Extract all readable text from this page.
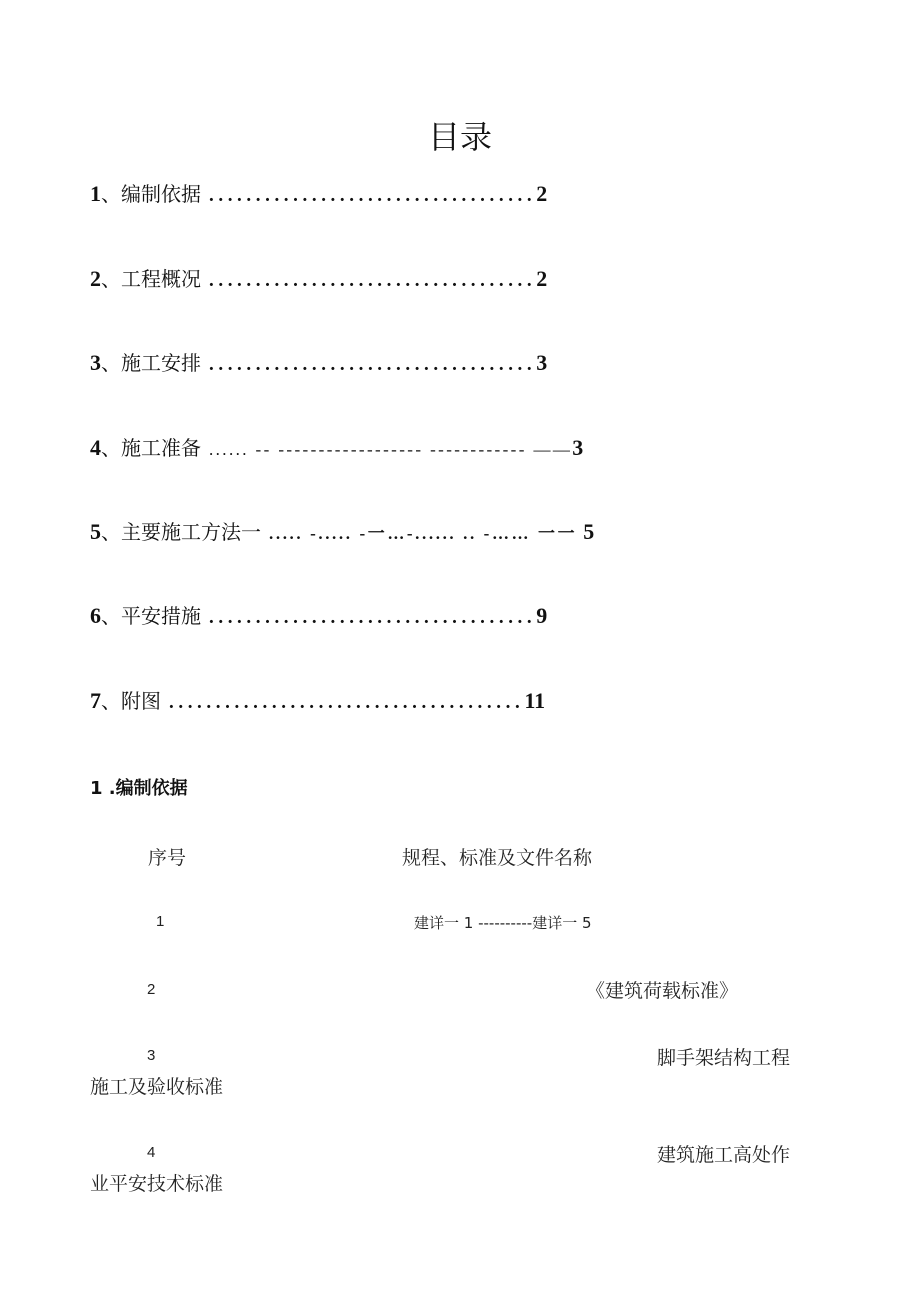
目录
1 、 编制依据 ................................... 2
2 、 工程概况 ................................... 2
3 、 施工安排 ................................... 3
4 、 施工准备 ...... -- ------------------ ------------ —— 3
5 、 主要施工方法一 ..... -..... -一…-...... .. -…… 一一 5
6 、 平安措施 ................................... 9
7 、 附图 ...................................... 11
1 .编制依据
序号	规程、标准及文件名称
1	建详一 1 ----------建详一 5
2	《建筑荷载标准》
3	脚手架结构工程
施工及验收标准
4	建筑施工高处作
业平安技术标准
